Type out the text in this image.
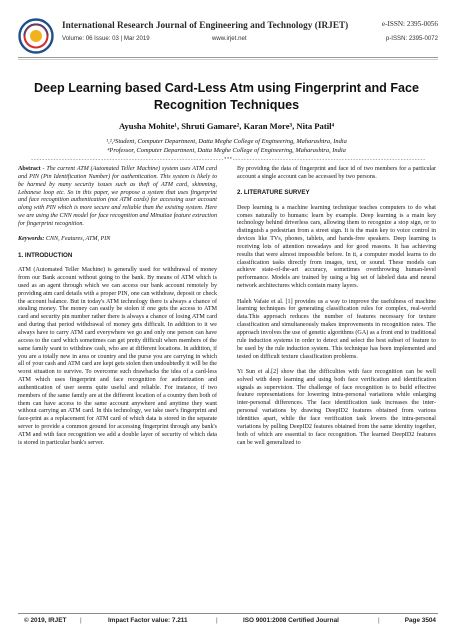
International Research Journal of Engineering and Technology (IRJET)	e-ISSN: 2395-0056
Volume: 06 Issue: 03 | Mar 2019	www.irjet.net	p-ISSN: 2395-0072
Deep Learning based Card-Less Atm using Fingerprint and Face Recognition Techniques
Ayusha Mohite¹, Shruti Gamare², Karan More³, Nita Patil⁴
¹,²,³Student, Computer Department, Datta Meghe College of Engineering, Maharashtra, India
⁴Professor, Computer Department, Datta Meghe College of Engineering, Maharashtra, India
---------------------------------------------------------------------***---------------------------------------------------------------------

Abstract - The current ATM (Automated Teller Machine) system uses ATM card and PIN (Pin Identification Number) for authentication. This system is likely to be harmed by many security issues such as theft of ATM card, skimming, Lebanese loop etc. So in this paper, we propose a system that uses fingerprint and face recognition authentication (not ATM cards) for accessing user account along with PIN which is more secure and reliable than the existing system. Here we are using the CNN model for face recognition and Minutiae feature extraction for fingerprint recognition.

Keywords: CNN, Features, ATM, PIN
1. INTRODUCTION

ATM (Automated Teller Machine) is generally used for withdrawal of money from our Bank account without going to the bank. By means of ATM which is used as an agent through which we can access our bank account remotely by providing atm card details with a proper PIN, one can withdraw, deposit or check the account balance. But in today's ATM technology there is always a chance of stealing money. The money can easily be stolen if one gets the access to ATM card and security pin number rather there is always a chance of losing ATM card and during that period withdrawal of money gets difficult. In addition to it we always have to carry ATM card everywhere we go and only one person can have access to the card which sometimes can get pretty difficult when members of the same family want to withdraw cash, who are at different locations. In addition, if you are a totally new in area or country and the purse you are carrying in which all of your cash and ATM card are kept gets stolen then undoubtedly it will be the worst situation to survive. To overcome such drawbacks the idea of a card-less ATM which uses fingerprint and face recognition for authorization and authentication of user seems quite useful and reliable. For instance, if two members of the same family are at the different location of a country then both of them can have access to the same account anywhere and anytime they want without carrying an ATM card. In this technology, we take user's fingerprint and face-print as a replacement for ATM card of which data is stored in the separate server to provide a common ground for accessing fingerprint through any bank's ATM and with face recognition we add a double layer of security of which data is stored in particular bank's server.

By providing the data of fingerprint and face id of two members for a particular account a single account can be accessed by two persons.

2. LITERATURE SURVEY

Deep learning is a machine learning technique teaches computers to do what comes naturally to humans: learn by example. Deep learning is a main key technology behind driverless cars, allowing them to recognize a stop sign, or to distinguish a pedestrian from a street sign. It is the main key to voice control in devices like TVs, phones, tablets, and hands-free speakers. Deep learning is receiving lots of attention nowadays and for good reasons. It has achieving results that were almost impossible before. In it, a computer model learns to do classification tasks directly from images, text, or sound. These models can achieve state-of-the-art accuracy, sometimes overthrowing human-level performance. Models are trained by using a big set of labeled data and neural network architectures which contain many layers.

Haleh Vafaie et al. [1] provides us a way to improve the usefulness of machine learning techniques for generating classification rules for complex, real-world data.This approach reduces the number of features necessary for texture classification and simultaneously makes improvements in recognition rates. The approach involves the use of genetic algorithms (GA) as a front end to traditional rule induction systems in order to detect and select the best subset of feature to be used by the rule induction system. This technique has been implemented and tested on difficult texture classification problems.

Yi Sun et al.[2] show that the difficulties with face recognition can be well solved with deep learning and using both face verification and identification signals as supervision. The challenge of face recognition is to build effective feature representations for lowering intra-personal variations while enlarging inter-personal differences. The face identification task increases the inter-personal variations by drawing DeepID2 features obtained from various identities apart, while the face verification task lowers the intra-personal variations by pulling DeepID2 features obtained from the same identity together, both of which are essential to face recognition. The learned DeepID2 features can be well generalized to

© 2019, IRJET |	Impact Factor value: 7.211	|	ISO 9001:2008 Certified Journal	|	Page 3504
